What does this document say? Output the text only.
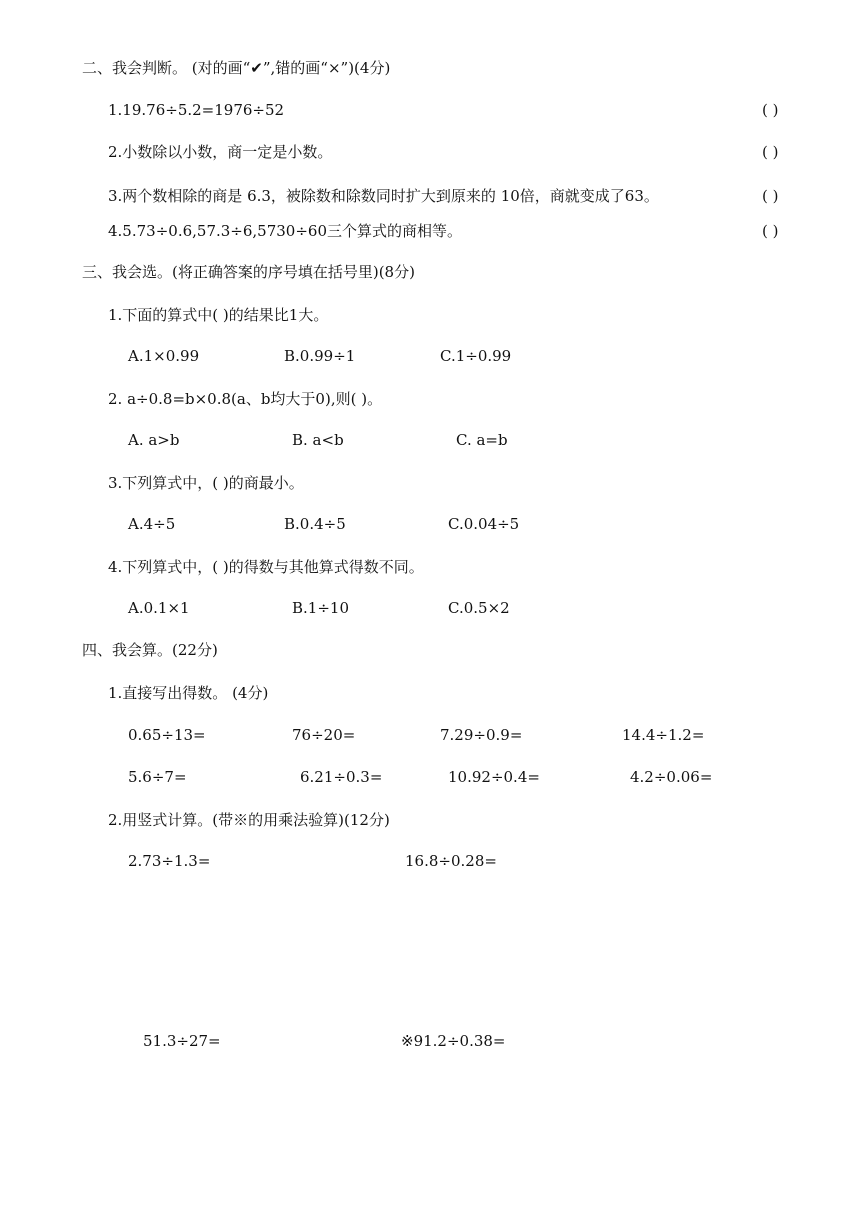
二、我会判断。 (对的画“✔”,错的画“×”)(4分)
1.19.76÷5.2=1976÷52	( )
2.小数除以小数，商一定是小数。	( )
3.两个数相除的商是 6.3，被除数和除数同时扩大到原来的 10倍，商就变成了63。	( )
4.5.73÷0.6,57.3÷6,5730÷60三个算式的商相等。	( )
三、我会选。(将正确答案的序号填在括号里)(8分)
1.下面的算式中( )的结果比1大。
A.1×0.99	B.0.99÷1	C.1÷0.99
2. a÷0.8=b×0.8(a、b均大于0),则( )。
A. a>b	B. a<b	C. a=b
3.下列算式中，( )的商最小。
A.4÷5	B.0.4÷5	C.0.04÷5
4.下列算式中，( )的得数与其他算式得数不同。
A.0.1×1	B.1÷10	C.0.5×2
四、我会算。(22分)
1.直接写出得数。 (4分)
0.65÷13=	76÷20=	7.29÷0.9=	14.4÷1.2=
5.6÷7=	6.21÷0.3=	10.92÷0.4=	4.2÷0.06=
2.用竖式计算。(带※的用乘法验算)(12分)
2.73÷1.3=	16.8÷0.28=
51.3÷27=	※91.2÷0.38=
